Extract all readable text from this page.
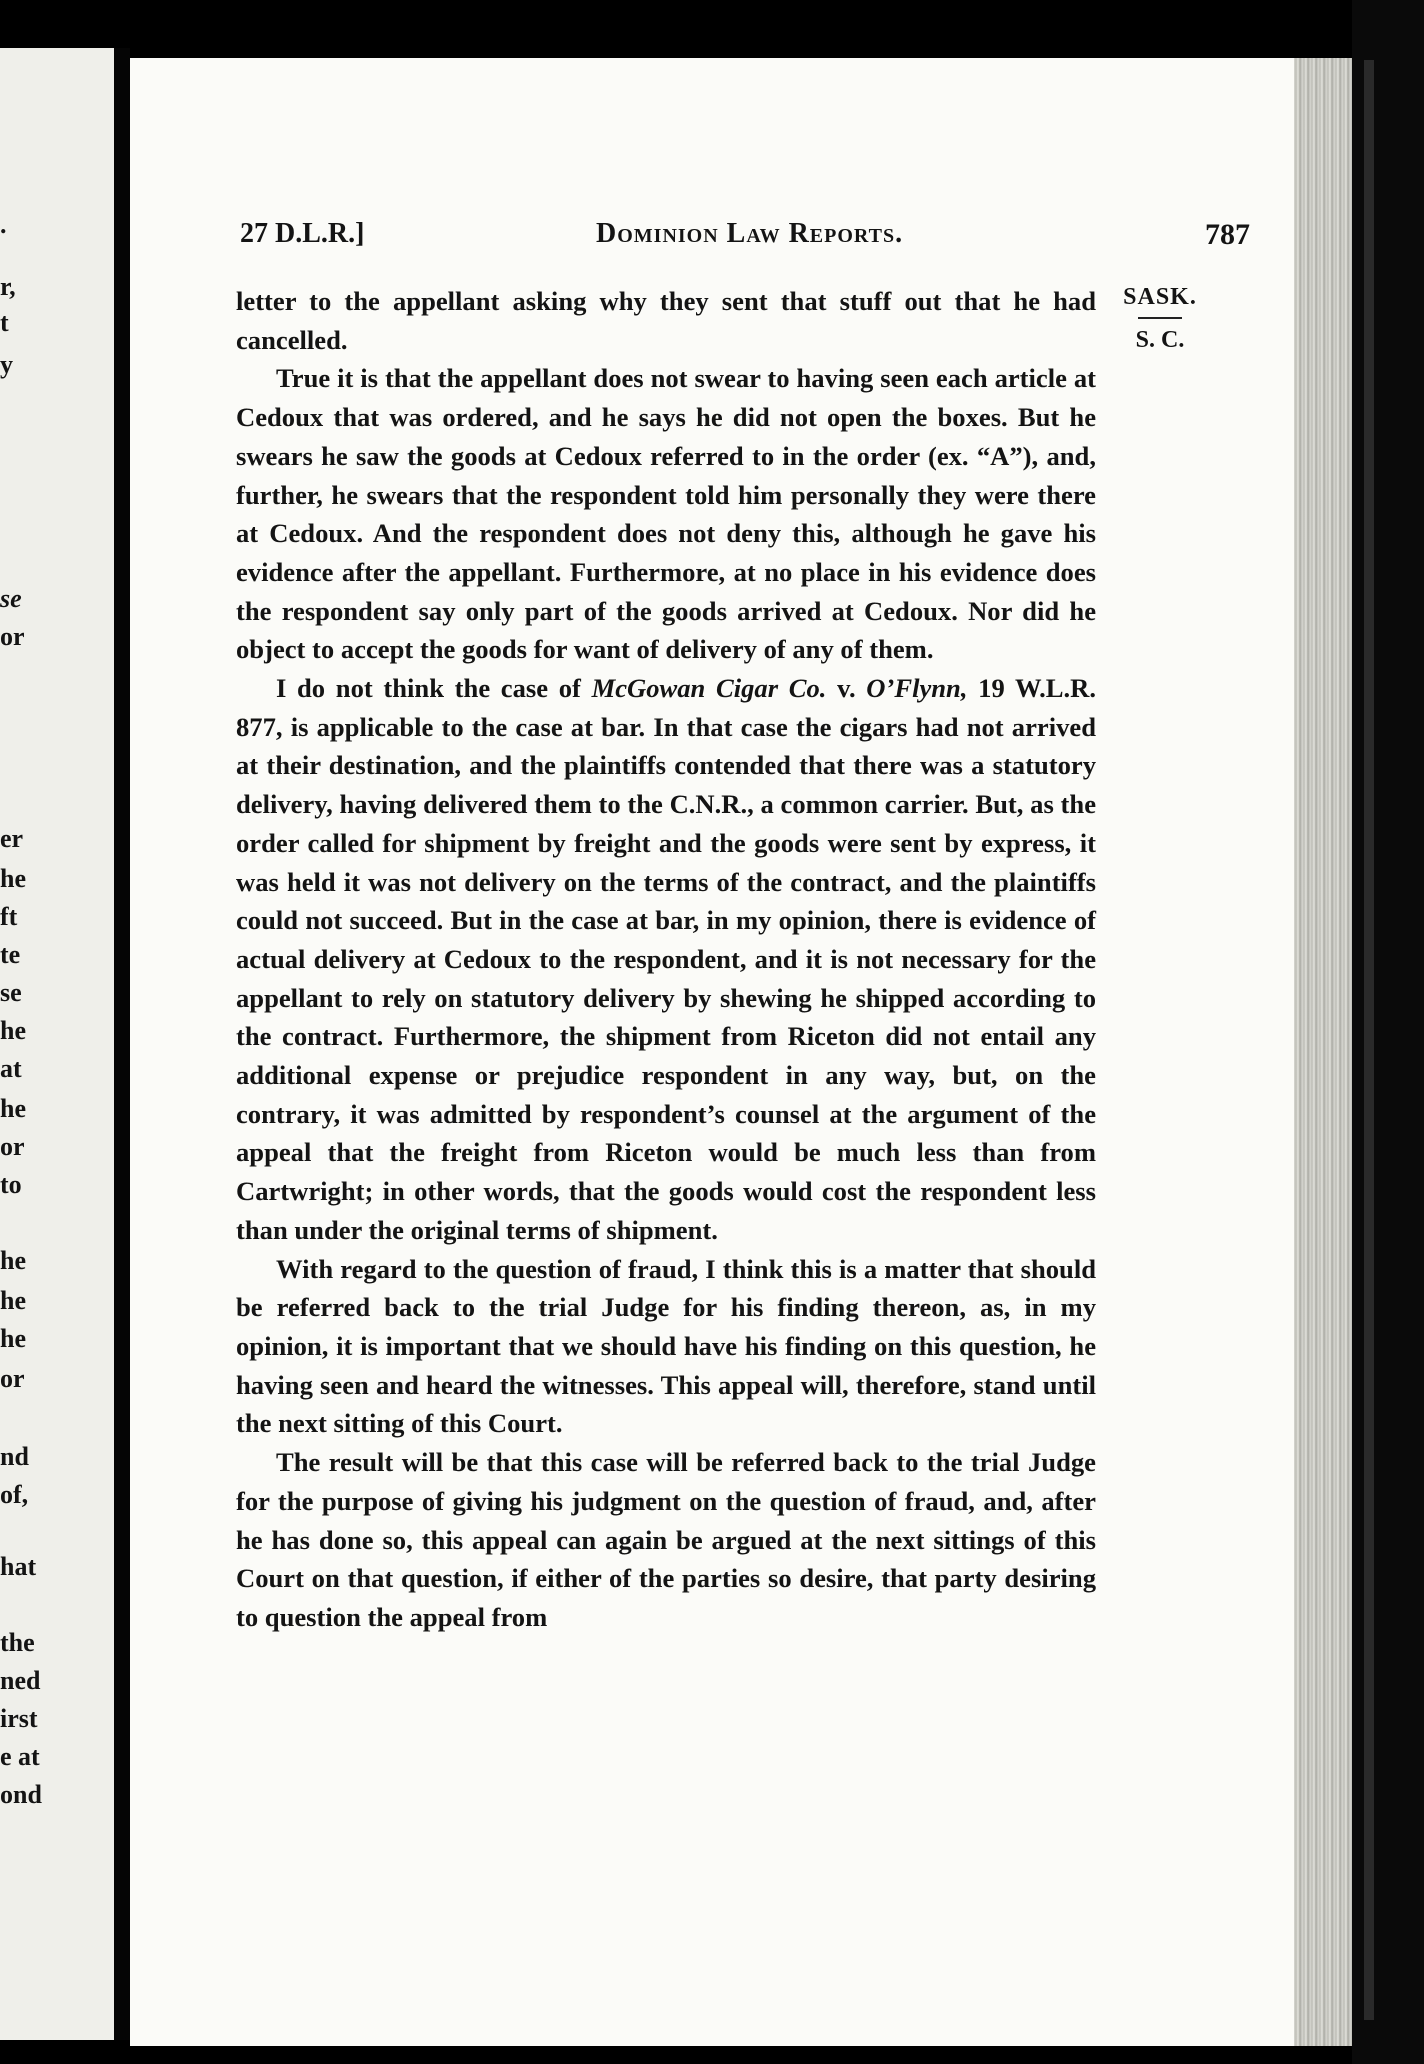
.
r,
t
y
se
or
er
he
ft
te
se
he
at
he
or
to
he
he
he
or
nd
of,
hat
the
ned
irst
e at
ond
27 D.L.R.]	Dominion Law Reports.	787
SASK.
S. C.

letter to the appellant asking why they sent that stuff out that he had cancelled.

True it is that the appellant does not swear to having seen each article at Cedoux that was ordered, and he says he did not open the boxes. But he swears he saw the goods at Cedoux referred to in the order (ex. “A”), and, further, he swears that the respondent told him personally they were there at Cedoux. And the respondent does not deny this, although he gave his evidence after the appellant. Furthermore, at no place in his evidence does the respondent say only part of the goods arrived at Cedoux. Nor did he object to accept the goods for want of delivery of any of them.

I do not think the case of McGowan Cigar Co. v. O’Flynn, 19 W.L.R. 877, is applicable to the case at bar. In that case the cigars had not arrived at their destination, and the plaintiffs contended that there was a statutory delivery, having delivered them to the C.N.R., a common carrier. But, as the order called for shipment by freight and the goods were sent by express, it was held it was not delivery on the terms of the contract, and the plaintiffs could not succeed. But in the case at bar, in my opinion, there is evidence of actual delivery at Cedoux to the respondent, and it is not necessary for the appellant to rely on statutory delivery by shewing he shipped according to the contract. Furthermore, the shipment from Riceton did not entail any additional expense or prejudice respondent in any way, but, on the contrary, it was admitted by respondent’s counsel at the argument of the appeal that the freight from Riceton would be much less than from Cartwright; in other words, that the goods would cost the respondent less than under the original terms of shipment.

With regard to the question of fraud, I think this is a matter that should be referred back to the trial Judge for his finding thereon, as, in my opinion, it is important that we should have his finding on this question, he having seen and heard the witnesses. This appeal will, therefore, stand until the next sitting of this Court.

The result will be that this case will be referred back to the trial Judge for the purpose of giving his judgment on the question of fraud, and, after he has done so, this appeal can again be argued at the next sittings of this Court on that question, if either of the parties so desire, that party desiring to question the appeal from
